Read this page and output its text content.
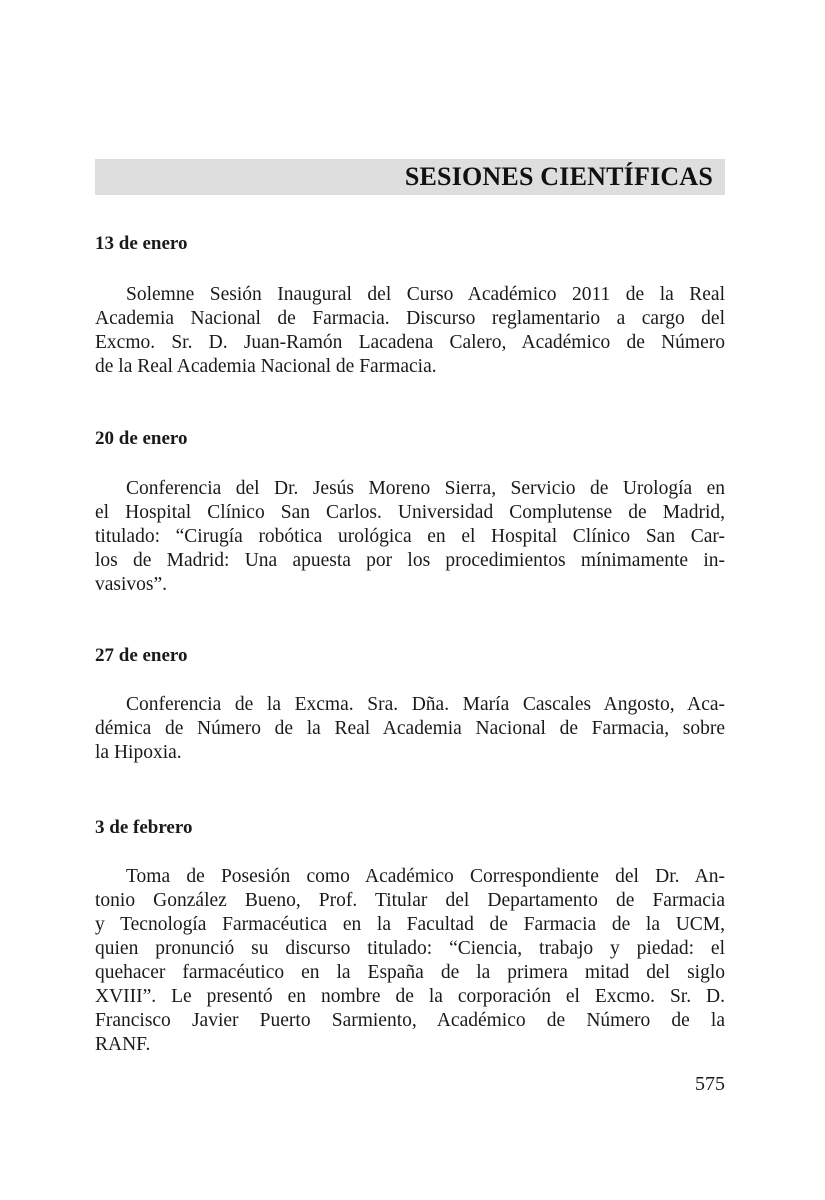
SESIONES CIENTÍFICAS
13 de enero

Solemne Sesión Inaugural del Curso Académico 2011 de la Real
Academia Nacional de Farmacia. Discurso reglamentario a cargo del
Excmo. Sr. D. Juan-Ramón Lacadena Calero, Académico de Número
de la Real Academia Nacional de Farmacia.

20 de enero

Conferencia del Dr. Jesús Moreno Sierra, Servicio de Urología en
el Hospital Clínico San Carlos. Universidad Complutense de Madrid,
titulado: “Cirugía robótica urológica en el Hospital Clínico San Car-
los de Madrid: Una apuesta por los procedimientos mínimamente in-
vasivos”.

27 de enero

Conferencia de la Excma. Sra. Dña. María Cascales Angosto, Aca-
démica de Número de la Real Academia Nacional de Farmacia, sobre
la Hipoxia.

3 de febrero

Toma de Posesión como Académico Correspondiente del Dr. An-
tonio González Bueno, Prof. Titular del Departamento de Farmacia
y Tecnología Farmacéutica en la Facultad de Farmacia de la UCM,
quien pronunció su discurso titulado: “Ciencia, trabajo y piedad: el
quehacer farmacéutico en la España de la primera mitad del siglo
XVIII”. Le presentó en nombre de la corporación el Excmo. Sr. D.
Francisco Javier Puerto Sarmiento, Académico de Número de la
RANF.

575
